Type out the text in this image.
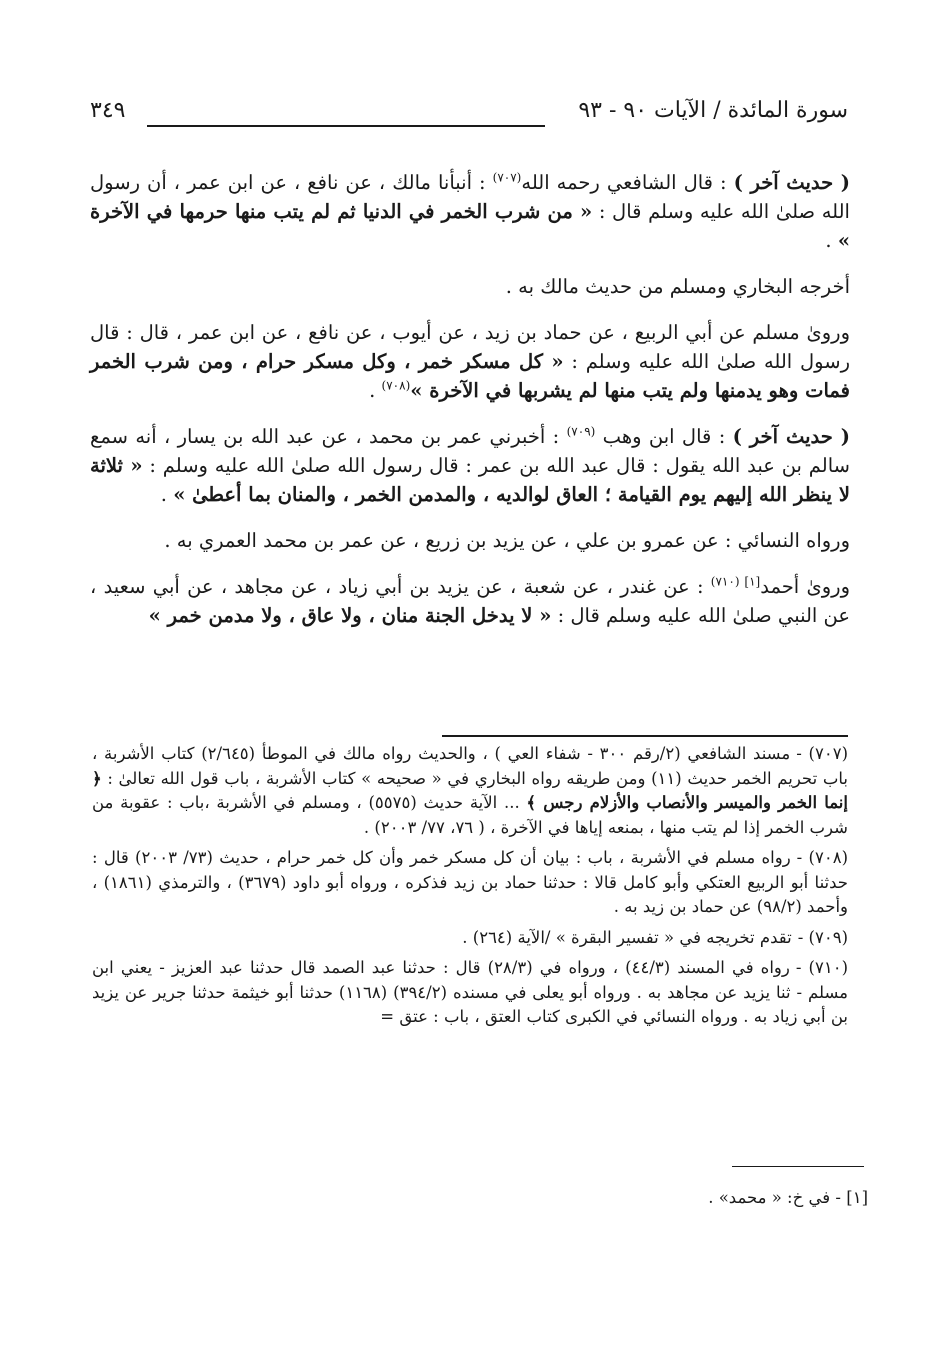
سورة المائدة / الآيات ٩٠ - ٩٣
٣٤٩

( حديث آخر ) : قال الشافعي رحمه الله$^{(٧٠٧)}$ : أنبأنا مالك ، عن نافع ، عن ابن عمر ، أن رسول الله صلىٰ الله عليه وسلم قال : « من شرب الخمر في الدنيا ثم لم يتب منها حرمها في الآخرة » .

أخرجه البخاري ومسلم من حديث مالك به .

وروىٰ مسلم عن أبي الربيع ، عن حماد بن زيد ، عن أيوب ، عن نافع ، عن ابن عمر ، قال : قال رسول الله صلىٰ الله عليه وسلم : « كل مسكر خمر ، وكل مسكر حرام ، ومن شرب الخمر فمات وهو يدمنها ولم يتب منها لم يشربها في الآخرة »$^{(٧٠٨)}$ .

( حديث آخر ) : قال ابن وهب $^{(٧٠٩)}$ : أخبرني عمر بن محمد ، عن عبد الله بن يسار ، أنه سمع سالم بن عبد الله يقول : قال عبد الله بن عمر : قال رسول الله صلىٰ الله عليه وسلم : « ثلاثة لا ينظر الله إليهم يوم القيامة ؛ العاق لوالديه ، والمدمن الخمر ، والمنان بما أعطىٰ » .

ورواه النسائي : عن عمرو بن علي ، عن يزيد بن زريع ، عن عمر بن محمد العمري به .

وروىٰ أحمد$^{[١] (٧١٠)}$ : عن غندر ، عن شعبة ، عن يزيد بن أبي زياد ، عن مجاهد ، عن أبي سعيد ، عن النبي صلىٰ الله عليه وسلم قال : « لا يدخل الجنة منان ، ولا عاق ، ولا مدمن خمر »

(٧٠٧) -مسند الشافعي (٢/رقم ٣٠٠ - شفاء العي ) ، والحديث رواه مالك في الموطأ (٢/٦٤٥) كتاب الأشربة ، باب تحريم الخمر حديث (١١) ومن طريقه رواه البخاري في « صحيحه » كتاب الأشربة ، باب قول الله تعالىٰ : ﴿ إنما الخمر والميسر والأنصاب والأزلام رجس ﴾ ... الآية حديث (٥٥٧٥) ، ومسلم في الأشربة ،باب : عقوبة من شرب الخمر إذا لم يتب منها ، بمنعه إياها في الآخرة ، ( ٧٦، ٧٧/ ٢٠٠٣) .

(٧٠٨) -رواه مسلم في الأشربة ، باب : بيان أن كل مسكر خمر وأن كل خمر حرام ، حديث (٧٣/ ٢٠٠٣) قال : حدثنا أبو الربيع العتكي وأبو كامل قالا : حدثنا حماد بن زيد فذكره ، ورواه أبو داود (٣٦٧٩) ، والترمذي (١٨٦١) ، وأحمد (٩٨/٢) عن حماد بن زيد به .

(٧٠٩) -تقدم تخريجه في « تفسير البقرة » /الآية (٢٦٤) .

(٧١٠) -رواه في المسند (٤٤/٣) ، ورواه في (٢٨/٣) قال : حدثنا عبد الصمد قال حدثنا عبد العزيز - يعني ابن مسلم - ثنا يزيد عن مجاهد به . ورواه أبو يعلى في مسنده (٣٩٤/٢) (١١٦٨) حدثنا أبو خيثمة حدثنا جرير عن يزيد بن أبي زياد به . ورواه النسائي في الكبرى كتاب العتق ، باب : عتق =

[١] - في خ: « محمد» .
